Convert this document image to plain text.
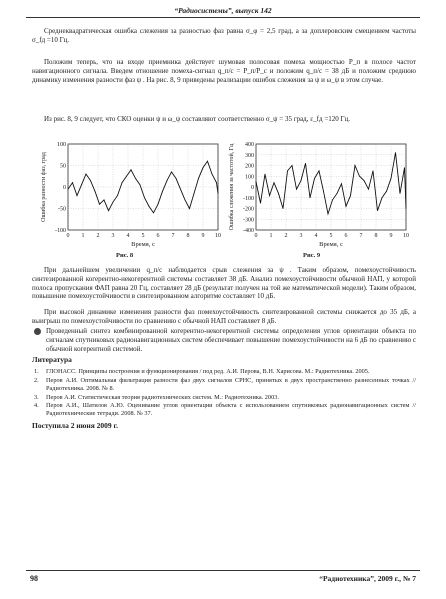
“Радиосистемы”, выпуск 142

Среднеквадратическая ошибка слежения за разностью фаз равна σ_φ = 2,5 град, а за доплеровским смещением частоты σ_fд =10 Гц.

Положим теперь, что на входе приемника действует шумовая полосовая помеха мощностью P_п в полосе частот навигационного сигнала. Введем отношение помеха-сигнал q_п/с = P_п/P_с и положим q_п/с = 38 дБ и положим среднюю динамику изменения разности фаз ψ . На рис. 8, 9 приведены реализации ошибок слежения за ψ и ω_ψ в этом случае.

Из рис. 8, 9 следует, что СКО оценки ψ и ω_ψ составляют соответственно σ_ψ = 35 град, ε_fд =120 Гц.

0 1 2 3 4 5 6 7 8 9 10
100
50
0
-50
-100
Время, с
Ошибка разности фаз, град
0 1 2 3 4 5 6 7 8 9 10
400
300
200
100
0
-100
-200
-300
-400
Время, с
Ошибка слежения за частотой, Гц
Рис. 8	Рис. 9

При дальнейшем увеличении q_п/с наблюдается срыв слежения за ψ . Таким образом, помехоустойчивость синтезированной когерентно-некогерентной системы составляет 38 дБ. Анализ помехоустойчивости обычной НАП, у которой полоса пропускания ФАП равна 20 Гц, составляет 28 дБ (результат получен на той же математической модели). Таким образом, повышение помехоустойчивости в синтезированном алгоритме составляет 10 дБ.

При высокой динамике изменения разности фаз помехоустойчивость синтезированной системы снижается до 35 дБ, а выигрыш по помехоустойчивости по сравнению с обычной НАП составляет 8 дБ.

Проведенный синтез комбинированной когерентно-некогерентной системы определения углов ориентации объекта по сигналам спутниковых радионавигационных систем обеспечивает повышение помехоустойчивости на 6 дБ по сравнению с обычной когерентной системой.
Литература
1. ГЛОНАСС. Принципы построения и функционирования / под ред. А.И. Перова, В.Н. Харисова. М.: Радиотехника. 2005.
2. Перов А.И. Оптимальная фильтрация разности фаз двух сигналов СРНС, принятых в двух пространственно разнесенных точках // Радиотехника. 2008. № 8.
3. Перов А.И. Статистическая теория радиотехнических систем. М.: Радиотехника. 2003.
4. Перов А.И., Шатилов А.Ю. Оценивание углов ориентации объекта с использованием спутниковых радионавигационных систем // Радиотехнические тетради. 2008. № 37.
Поступила 2 июня 2009 г.
98	“Радиотехника”, 2009 г., № 7
